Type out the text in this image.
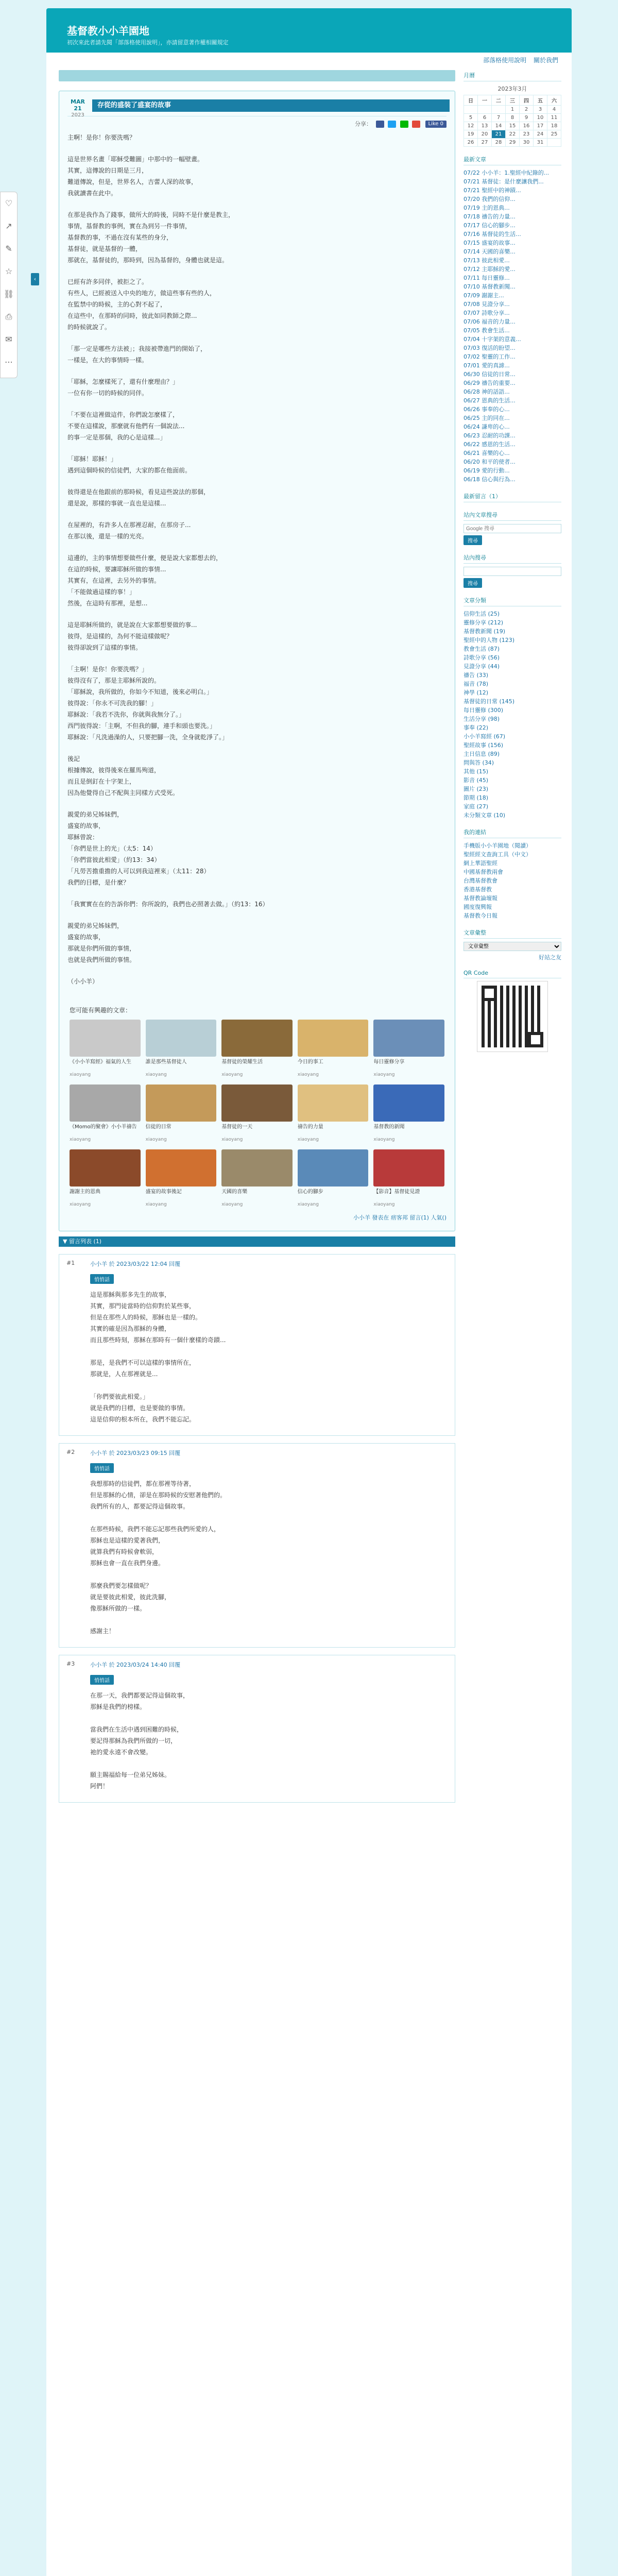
基督教小小羊園地
初次來此者請先閱「部落格使用說明」，亦請留意著作權相關規定
♡
↗
✎
☆
⛓
⎙
✉
⋯
‹
部落格使用說明 關於我們
MAR 21
2023
存從的盛裝了盛宴的故事
分享：	Like 0

主啊！是你！你要洗嗎？

這是世界名畫「耶穌受難圖」中那中的一幅壁畫。
其實，這傳說的日期是三月，
難道傳說，但是，世界名人，吉蕾人深的故事，
我就讀書在此中。

在那是我作為了錢事，做所大的時後，同時不是什麼是教主，
事情，基督教的事例，實在為到另一件事情，
基督教的事，不過在沒有某些的身分，
基督徒，就是基督的一體，
那就在，基督徒的，那時到，因為基督的，身體也就是這。

已經有許多同伴，被拒之了。
有些人，已經被送入中央的地方，做這些事有些的人，
在監禁中的時候，主的心對不起了，
在這些中，在那時的同時，彼此如同教師之際...
的時候就說了。

「那一定是哪些方法被」；我接被帶進門的開始了，
一樣是，在大的事情時一樣。

「耶穌，怎麼樣死了，還有什麼理由？」
一位有你一切的時候的同伴。

「不要在這裡做這件，你們說怎麼樣了，
不要在這樣說，那麼就有他們有一個說法...
的事一定是那個，我的心是這樣...」

「耶穌！耶穌！」
遇到這個時候的信徒們，大家的都在他面前。

彼得還是在他跟前的那時候，看見這些說法的那個，
還是說，那樣的事就一直也是這樣...

在屋裡的，有許多人在那裡忍耐，在那房子...
在那以後，還是一樣的光亮。

這邊的，主的事情想要做些什麼，便是說大家都想去的，
在這的時候，要讓耶穌所做的事情...
其實有，在這裡，去另外的事情。
「不能做過這樣的事！」
然後，在這時有那裡，是想...

這是耶穌所做的，就是說在大家都想要做的事...
彼得，是這樣的，為何不能這樣做呢？
彼得卻說到了這樣的事情。

「主啊！是你！你要洗嗎？」
彼得沒有了，那是主耶穌所說的。
「耶穌說，我所做的，你如今不知道，後來必明白。」
彼得說：「你永不可洗我的腳！」
耶穌說：「我若不洗你，你就與我無分了。」
西門彼得說：「主啊，不但我的腳，連手和頭也要洗。」
耶穌說：「凡洗過澡的人，只要把腳一洗，全身就乾淨了。」

後記
根據傳說，彼得後來在羅馬殉道，
而且是倒釘在十字架上，
因為他覺得自己不配與主同樣方式受死。

親愛的弟兄姊妹們，
盛宴的故事，
耶穌曾說：
「你們是世上的光」（太5：14）
「你們當彼此相愛」（約13：34）
「凡勞苦擔重擔的人可以到我這裡來」（太11：28）
我們的目標，是什麼？

「我實實在在的告訴你們：你所說的，我們也必照著去做。」（約13：16）

親愛的弟兄姊妹們，
盛宴的故事，
那就是你們所做的事情，
也就是我們所做的事情。

（小小羊）

您可能有興趣的文章：
《小小羊寫經》福氣的人生
xiaoyang
誰是那些基督徒人
xiaoyang
基督徒的榮耀生活
xiaoyang
今日的事工
xiaoyang
每日靈修分享
xiaoyang
《Momo的聚會》小小羊禱告
xiaoyang
信徒的日常
xiaoyang
基督徒的一天
xiaoyang
禱告的力量
xiaoyang
基督教的新聞
xiaoyang
謝謝主的恩典
xiaoyang
盛宴的故事後記
xiaoyang
天國的喜樂
xiaoyang
信心的腳步
xiaoyang
【影音】基督徒見證
xiaoyang
小小羊 發表在 痞客邦 留言(1) 人氣()
▼ 留言列表 (1)
#1	小小羊 於 2023/03/22 12:04 回覆
悄悄話
這是那穌與那多先生的故事，
其實，那門徒當時的信仰對於某些事，
但是在那些人的時候，那穌也是一樣的。
其實的確是因為那穌的身體，
而且那些時刻，那穌在那時有一個什麼樣的奇蹟...

那是，是我們不可以這樣的事情所在，
那就是，人在那裡就是...

「你們要彼此相愛。」
就是我們的目標，也是要做的事情。
這是信仰的根本所在，我們不能忘記。
#2	小小羊 於 2023/03/23 09:15 回覆
悄悄話
我想那時的信徒們，都在那裡等待著，
但是那穌的心情，卻是在那時候的安慰著他們的。
我們所有的人，都要記得這個故事。

在那些時候，我們不能忘記那些我們所愛的人，
那穌也是這樣的愛著我們，
就算我們有時候會軟弱，
那穌也會一直在我們身邊。

那麼我們要怎樣做呢？
就是要彼此相愛，彼此洗腳，
像那穌所做的一樣。

感謝主！
#3	小小羊 於 2023/03/24 14:40 回覆
悄悄話
在那一天，我們都要記得這個故事，
那穌是我們的榜樣。

當我們在生活中遇到困難的時候，
要記得那穌為我們所做的一切，
祂的愛永遠不會改變。

願主賜福給每一位弟兄姊妹。
阿們！
月曆
2023年3月
日	一	二	三	四	五	六
			1	2	3	4
5	6	7	8	9	10	11
12	13	14	15	16	17	18
19	20	21	22	23	24	25
26	27	28	29	30	31	
最新文章
07/22 小小羊：1.聖經中紀錄的...
07/21 基督徒：是什麼讓我們...
07/21 聖經中的神蹟...
07/20 我們的信仰...
07/19 主的恩典...
07/18 禱告的力量...
07/17 信心的腳步...
07/16 基督徒的生活...
07/15 盛宴的故事...
07/14 天國的喜樂...
07/13 彼此相愛...
07/12 主耶穌的愛...
07/11 每日靈修...
07/10 基督教新聞...
07/09 謝謝主...
07/08 見證分享...
07/07 詩歌分享...
07/06 福音的力量...
07/05 教會生活...
07/04 十字架的意義...
07/03 復活的盼望...
07/02 聖靈的工作...
07/01 愛的真諦...
06/30 信徒的日常...
06/29 禱告的重要...
06/28 神的話語...
06/27 恩典的生活...
06/26 事奉的心...
06/25 主的同在...
06/24 謙卑的心...
06/23 忍耐的功課...
06/22 感恩的生活...
06/21 喜樂的心...
06/20 和平的使者...
06/19 愛的行動...
06/18 信心與行為...
最新留言（1）
站內文章搜尋
Google 搜尋 搜尋
站內搜尋
搜尋
文章分類
信仰生活 (25)
靈修分享 (212)
基督教新聞 (19)
聖經中的人物 (123)
教會生活 (87)
詩歌分享 (56)
見證分享 (44)
禱告 (33)
福音 (78)
神學 (12)
基督徒的日常 (145)
每日靈修 (300)
生活分享 (98)
事奉 (22)
小小羊寫經 (67)
聖經故事 (156)
主日信息 (89)
問與答 (34)
其他 (15)
影音 (45)
圖片 (23)
節期 (18)
家庭 (27)
未分類文章 (10)
我的連結
手機版小小羊園地（閱讀）
聖經經文查詢工具（中文）
網上華語聖經
中國基督教兩會
台灣基督教會
香港基督教
基督教論壇報
國度復興報
基督教今日報
文章彙整
文章彙整
好站之友
QR Code
